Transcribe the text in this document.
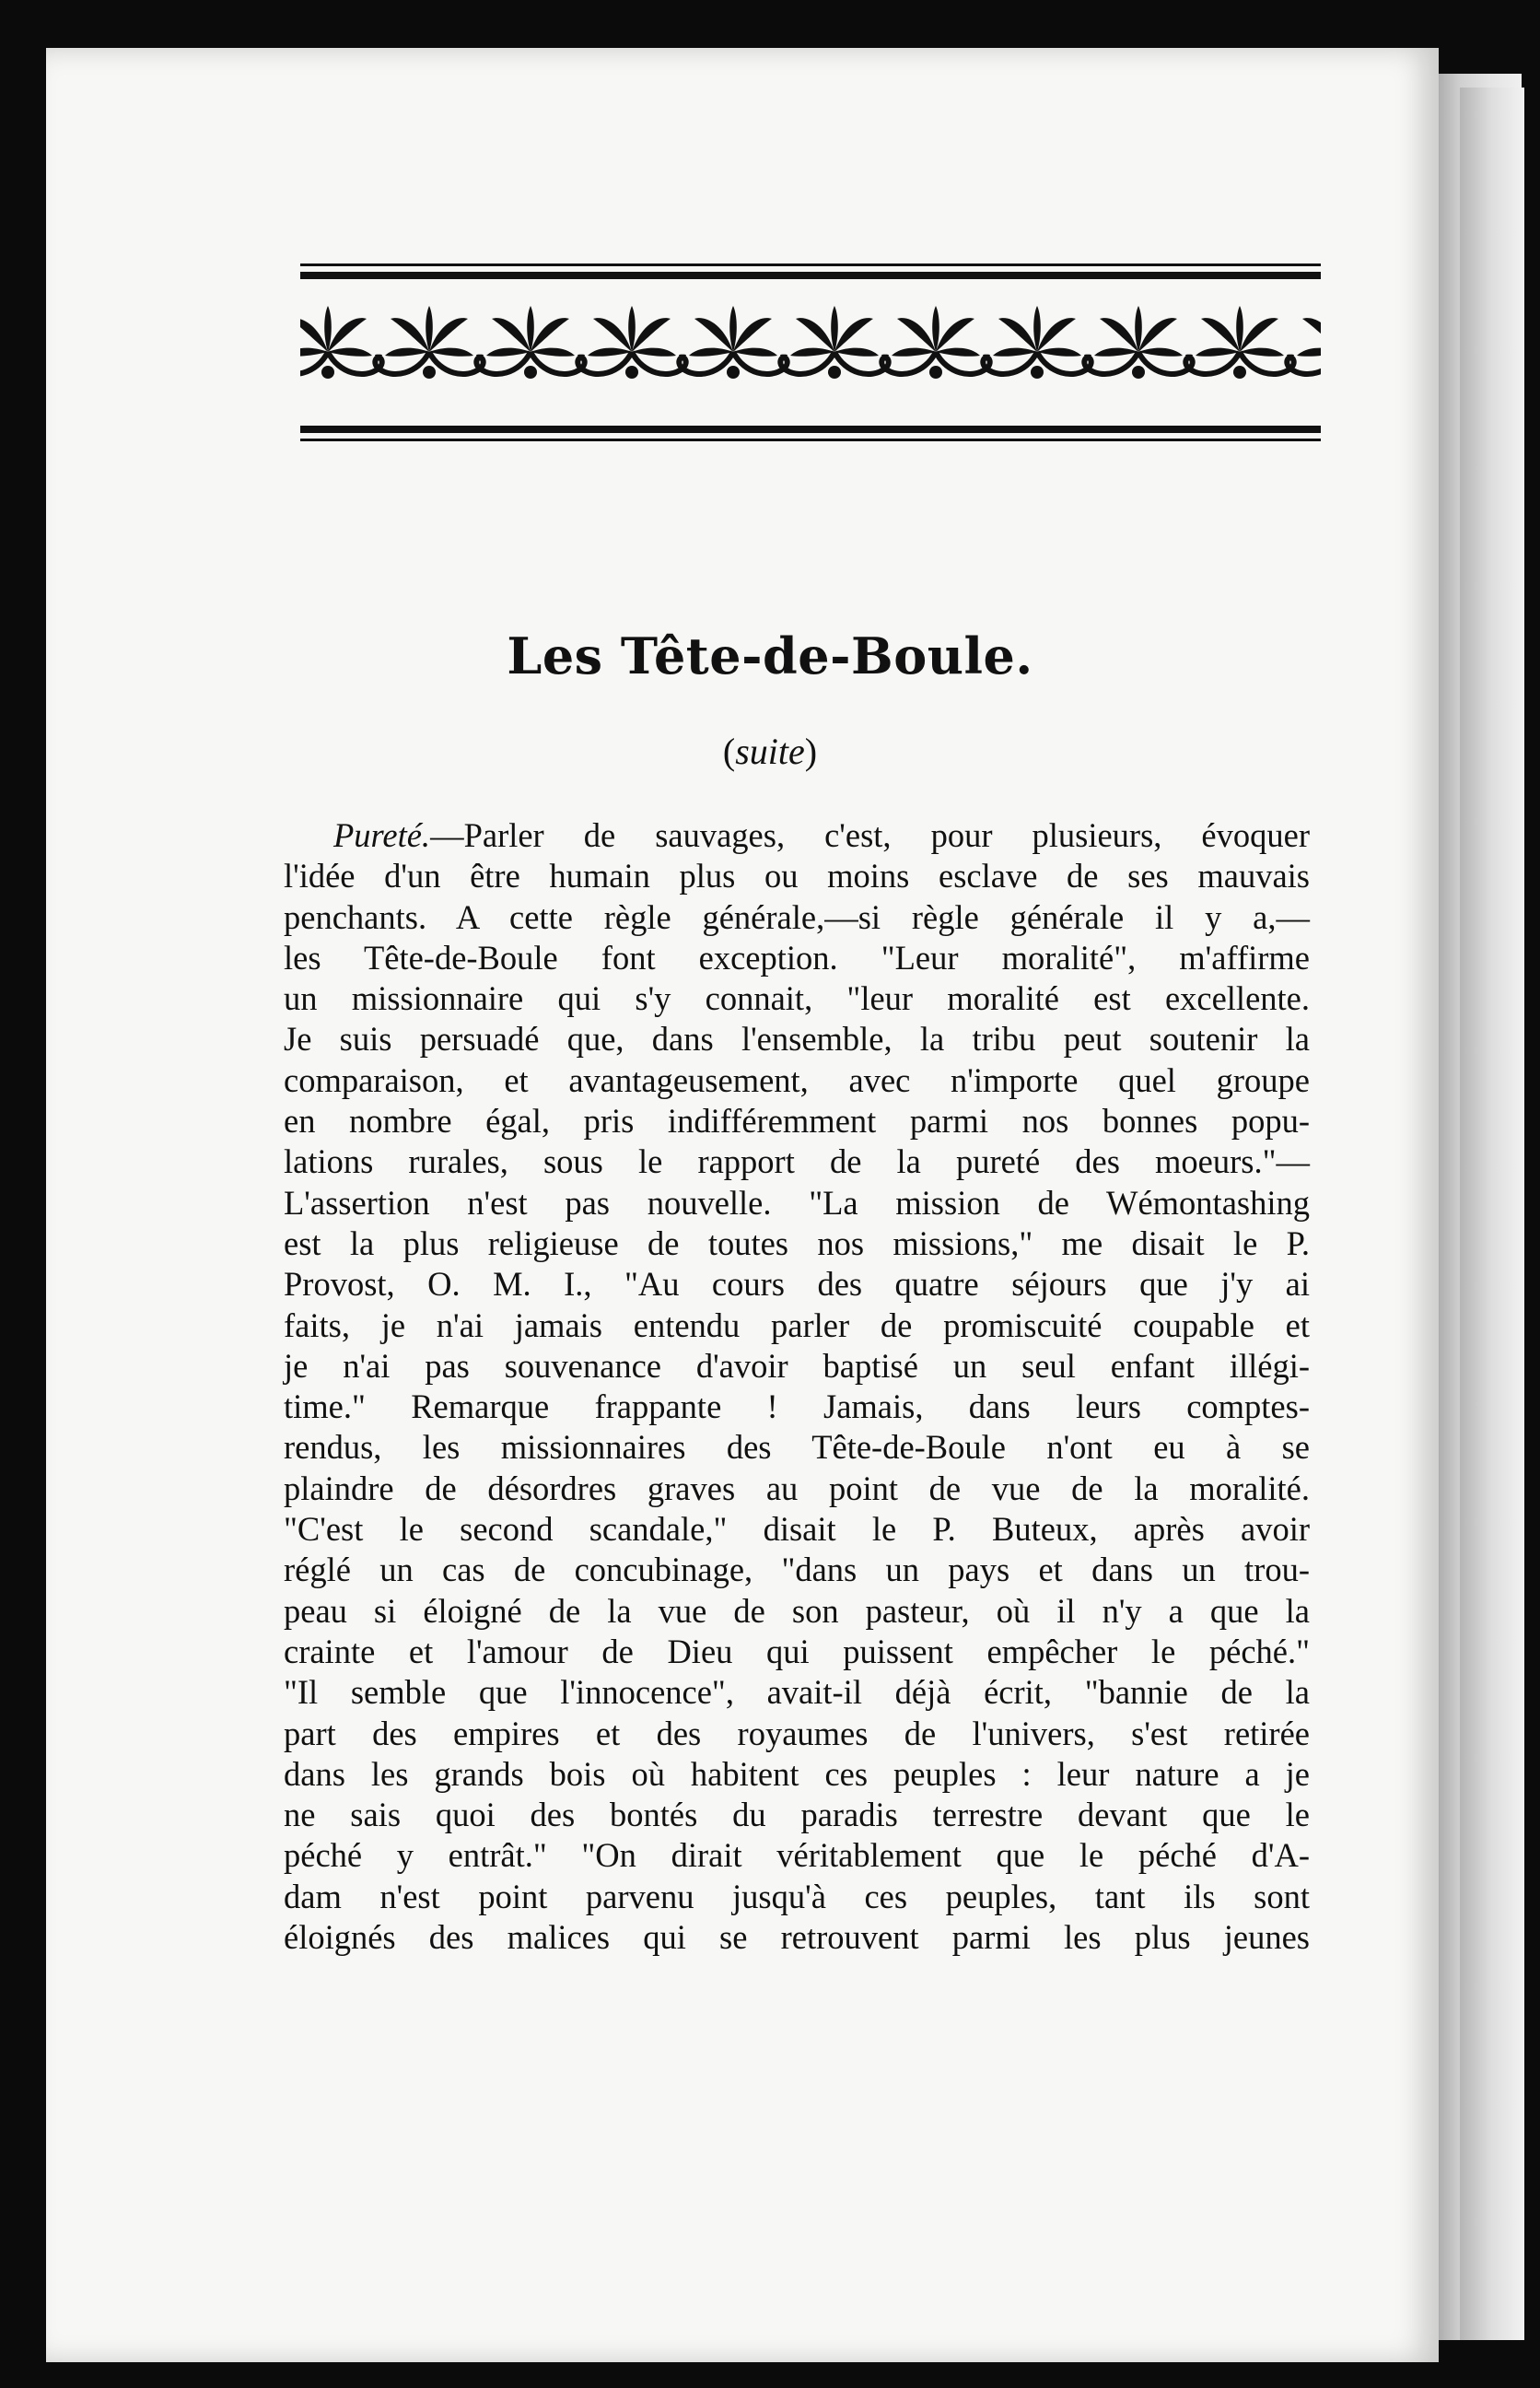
Les Tête-de-Boule.
(suite)
Pureté.—Parler de sauvages, c'est, pour plusieurs, évoquer
l'idée d'un être humain plus ou moins esclave de ses mauvais
penchants. A cette règle générale,—si règle générale il y a,—
les Tête-de-Boule font exception. "Leur moralité", m'affirme
un missionnaire qui s'y connait, "leur moralité est excellente.
Je suis persuadé que, dans l'ensemble, la tribu peut soutenir la
comparaison, et avantageusement, avec n'importe quel groupe
en nombre égal, pris indifféremment parmi nos bonnes popu-
lations rurales, sous le rapport de la pureté des moeurs."—
L'assertion n'est pas nouvelle. "La mission de Wémontashing
est la plus religieuse de toutes nos missions," me disait le P.
Provost, O. M. I., "Au cours des quatre séjours que j'y ai
faits, je n'ai jamais entendu parler de promiscuité coupable et
je n'ai pas souvenance d'avoir baptisé un seul enfant illégi-
time." Remarque frappante ! Jamais, dans leurs comptes-
rendus, les missionnaires des Tête-de-Boule n'ont eu à se
plaindre de désordres graves au point de vue de la moralité.
"C'est le second scandale," disait le P. Buteux, après avoir
réglé un cas de concubinage, "dans un pays et dans un trou-
peau si éloigné de la vue de son pasteur, où il n'y a que la
crainte et l'amour de Dieu qui puissent empêcher le péché."
"Il semble que l'innocence", avait-il déjà écrit, "bannie de la
part des empires et des royaumes de l'univers, s'est retirée
dans les grands bois où habitent ces peuples : leur nature a je
ne sais quoi des bontés du paradis terrestre devant que le
péché y entrât." "On dirait véritablement que le péché d'A-
dam n'est point parvenu jusqu'à ces peuples, tant ils sont
éloignés des malices qui se retrouvent parmi les plus jeunes
